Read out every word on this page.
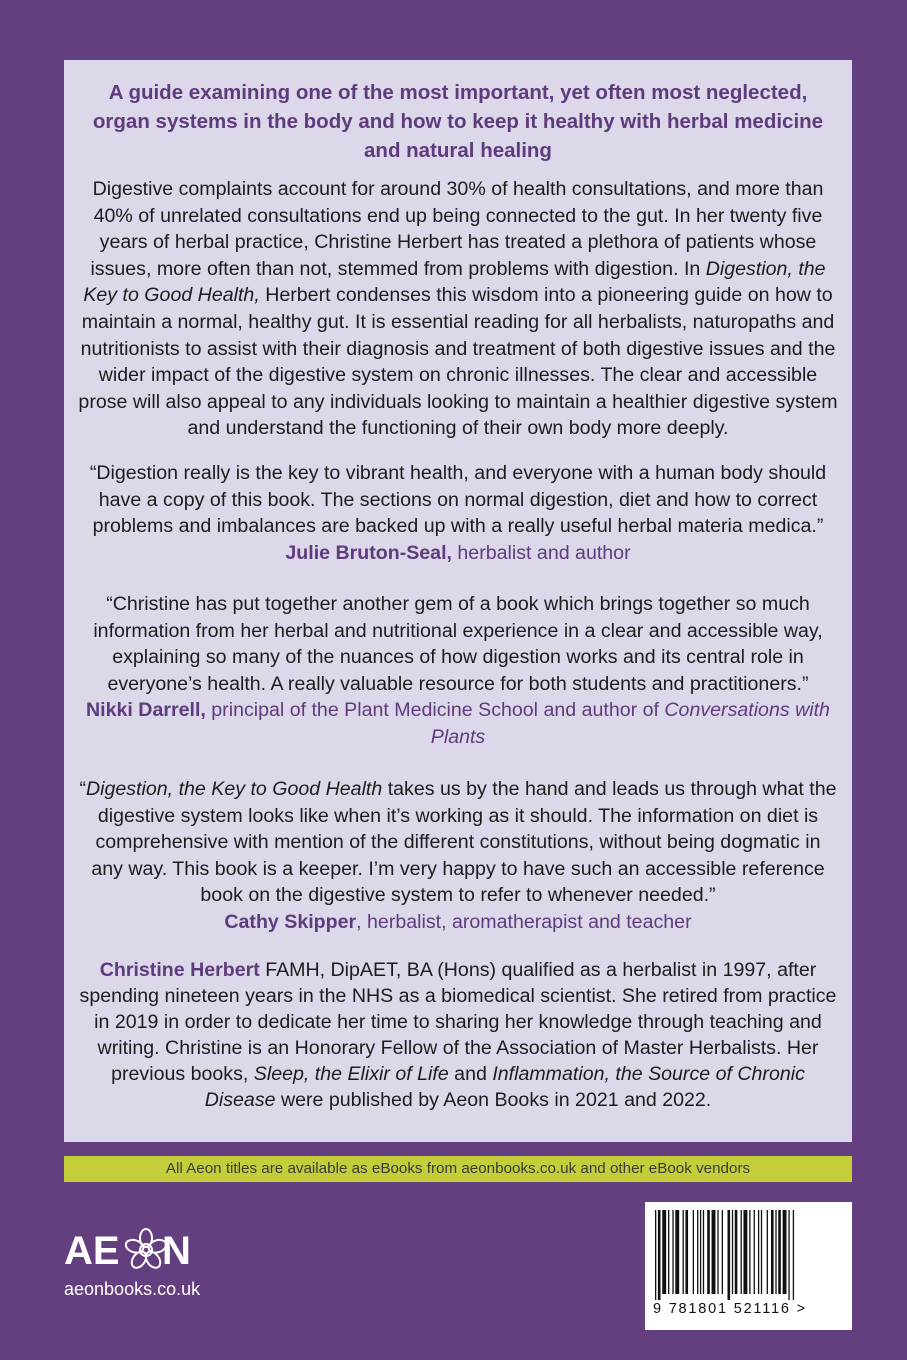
A guide examining one of the most important, yet often most neglected, organ systems in the body and how to keep it healthy with herbal medicine and natural healing
Digestive complaints account for around 30% of health consultations, and more than 40% of unrelated consultations end up being connected to the gut. In her twenty five years of herbal practice, Christine Herbert has treated a plethora of patients whose issues, more often than not, stemmed from problems with digestion. In Digestion, the Key to Good Health, Herbert condenses this wisdom into a pioneering guide on how to maintain a normal, healthy gut. It is essential reading for all herbalists, naturopaths and nutritionists to assist with their diagnosis and treatment of both digestive issues and the wider impact of the digestive system on chronic illnesses. The clear and accessible prose will also appeal to any individuals looking to maintain a healthier digestive system and understand the functioning of their own body more deeply.
“Digestion really is the key to vibrant health, and everyone with a human body should have a copy of this book. The sections on normal digestion, diet and how to correct problems and imbalances are backed up with a really useful herbal materia medica.”
Julie Bruton-Seal, herbalist and author
“Christine has put together another gem of a book which brings together so much information from her herbal and nutritional experience in a clear and accessible way, explaining so many of the nuances of how digestion works and its central role in everyone’s health. A really valuable resource for both students and practitioners.”
Nikki Darrell, principal of the Plant Medicine School and author of Conversations with Plants
“Digestion, the Key to Good Health takes us by the hand and leads us through what the digestive system looks like when it’s working as it should. The information on diet is comprehensive with mention of the different constitutions, without being dogmatic in any way. This book is a keeper. I’m very happy to have such an accessible reference book on the digestive system to refer to whenever needed.”
Cathy Skipper, herbalist, aromatherapist and teacher
Christine Herbert FAMH, DipAET, BA (Hons) qualified as a herbalist in 1997, after spending nineteen years in the NHS as a biomedical scientist. She retired from practice in 2019 in order to dedicate her time to sharing her knowledge through teaching and writing. Christine is an Honorary Fellow of the Association of Master Herbalists. Her previous books, Sleep, the Elixir of Life and Inflammation, the Source of Chronic Disease were published by Aeon Books in 2021 and 2022.
All Aeon titles are available as eBooks from aeonbooks.co.uk and other eBook vendors
AE N
aeonbooks.co.uk
9 781801 521116 >
